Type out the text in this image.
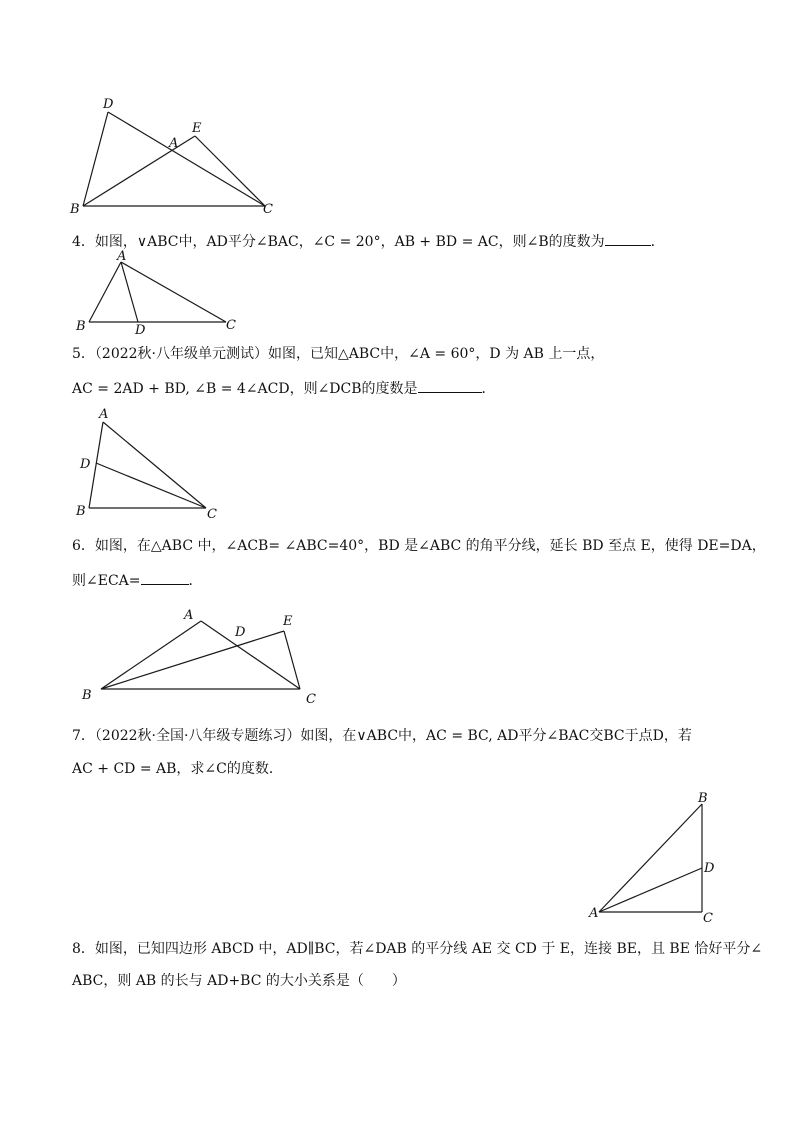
D
E
A
B	C
4．如图，∨ABC中，AD平分∠BAC，∠C = 20°，AB + BD = AC，则∠B的度数为	．
A
B	D	C
5．（2022秋·八年级单元测试）如图，已知△ABC中，∠A = 60°，D 为 AB 上一点，
AC = 2AD + BD, ∠B = 4∠ACD，则∠DCB的度数是	．
A
D
B	C
6．如图，在△ABC 中，∠ACB= ∠ABC=40°，BD 是∠ABC 的角平分线，延长 BD 至点 E，使得 DE=DA，
则∠ECA=	．
A
D
E
B	C
7．（2022秋·全国·八年级专题练习）如图，在∨ABC中，AC = BC, AD平分∠BAC交BC于点D，若
AC + CD = AB，求∠C的度数．
B
D
A	C
8．如图，已知四边形 ABCD 中，AD∥BC，若∠DAB 的平分线 AE 交 CD 于 E，连接 BE，且 BE 恰好平分∠
ABC，则 AB 的长与 AD+BC 的大小关系是（　　）
